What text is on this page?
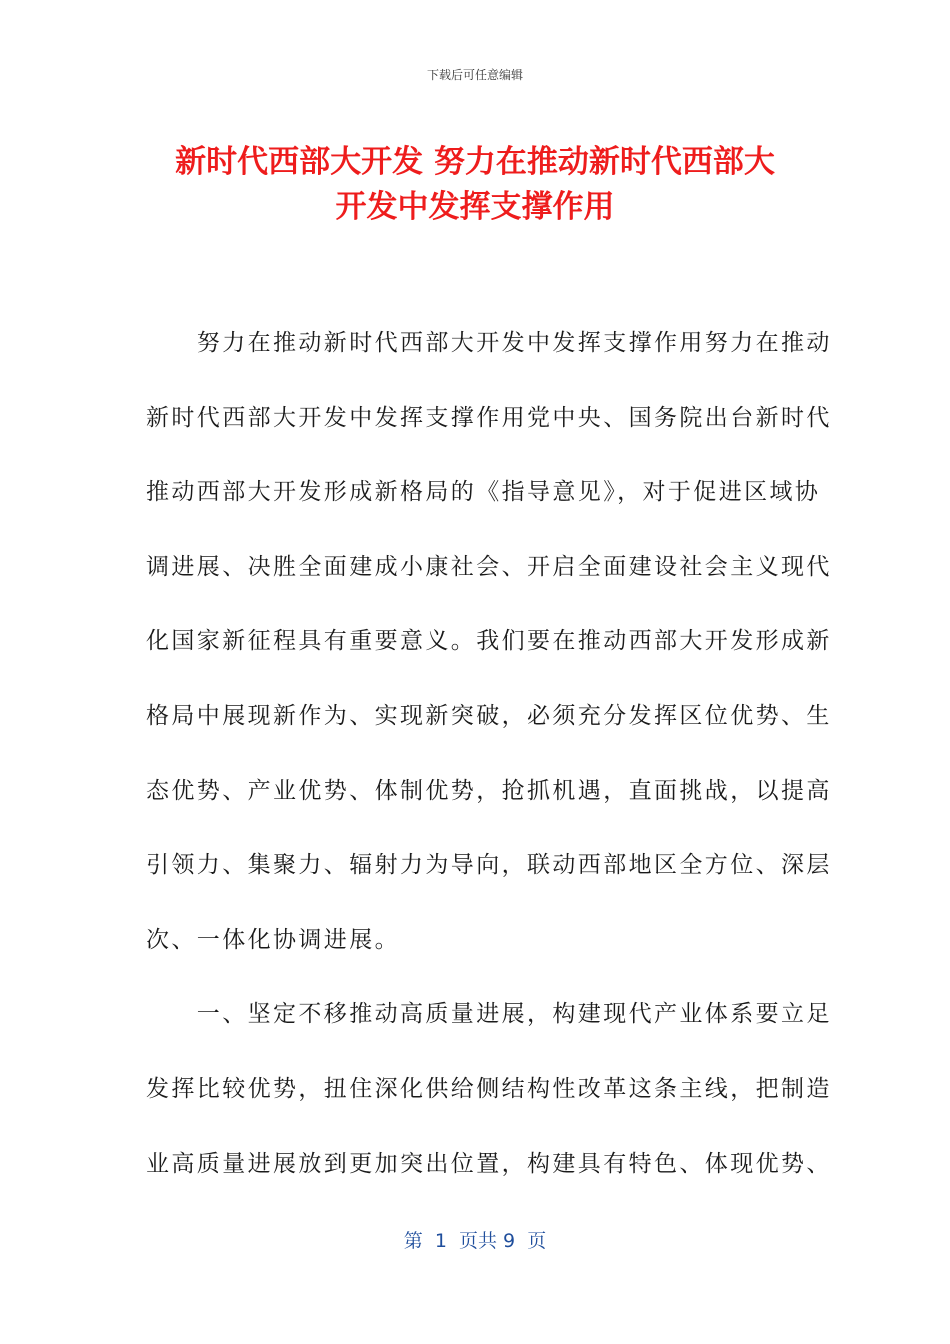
下载后可任意编辑
新时代西部大开发 努力在推动新时代西部大
开发中发挥支撑作用
　　努力在推动新时代西部大开发中发挥支撑作用努力在推动
新时代西部大开发中发挥支撑作用党中央、国务院出台新时代
推动西部大开发形成新格局的《指导意见》，对于促进区域协
调进展、决胜全面建成小康社会、开启全面建设社会主义现代
化国家新征程具有重要意义。我们要在推动西部大开发形成新
格局中展现新作为、实现新突破，必须充分发挥区位优势、生
态优势、产业优势、体制优势，抢抓机遇，直面挑战，以提高
引领力、集聚力、辐射力为导向，联动西部地区全方位、深层
次、一体化协调进展。
　　一、坚定不移推动高质量进展，构建现代产业体系要立足
发挥比较优势，扭住深化供给侧结构性改革这条主线，把制造
业高质量进展放到更加突出位置，构建具有特色、体现优势、
第  1  页共 9  页
